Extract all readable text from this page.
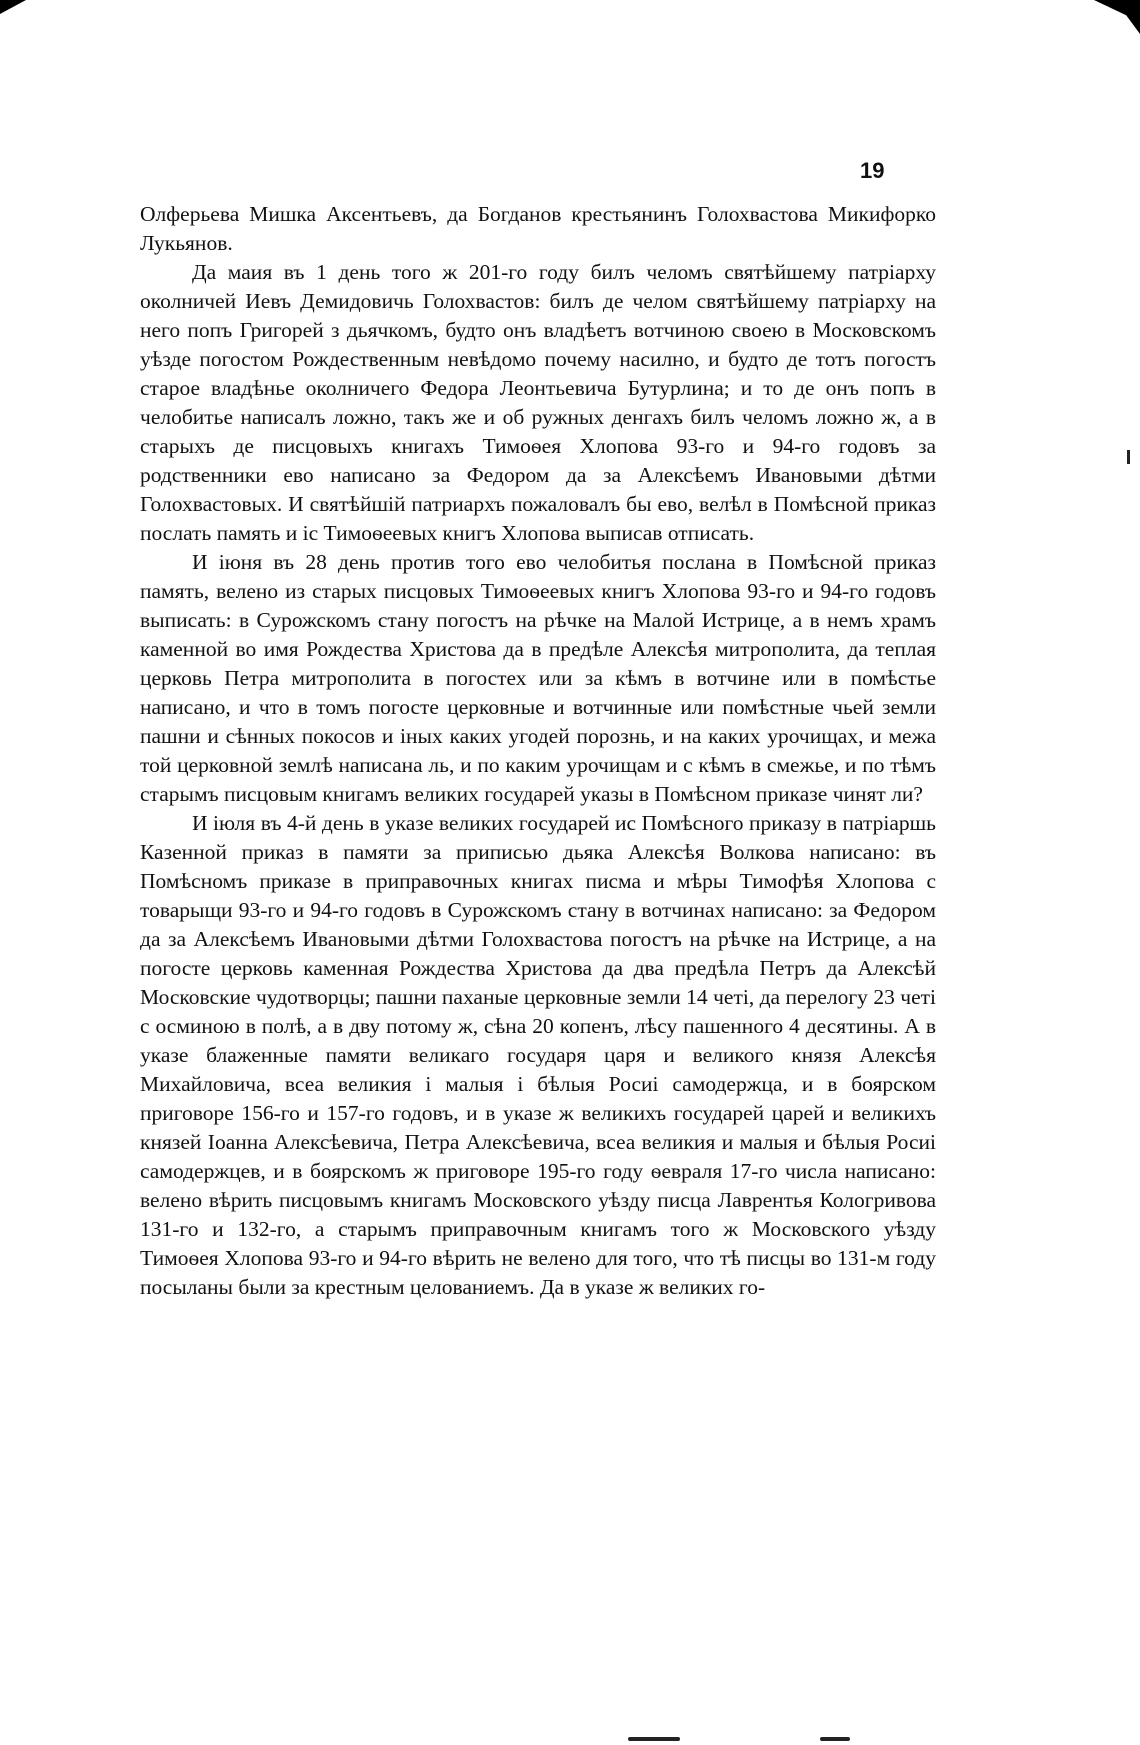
19

Олферьева Мишка Аксентьевъ, да Богданов крестьянинъ Голохвастова Микифорко Лукьянов.

Да маия въ 1 день того ж 201-го году билъ челомъ святѣйшему патріарху околничей Иевъ Демидовичь Голохвастов: билъ де челом святѣйшему патріарху на него попъ Григорей з дьячкомъ, будто онъ владѣетъ вотчиною своею в Московскомъ уѣзде погостом Рождественным невѣдомо почему насилно, и будто де тотъ погостъ старое владѣнье околничего Федора Леонтьевича Бутурлина; и то де онъ попъ в челобитье написалъ ложно, такъ же и об ружных денгахъ билъ челомъ ложно ж, а в старыхъ де писцовыхъ книгахъ Тимоѳея Хлопова 93-го и 94-го годовъ за родственники ево написано за Федором да за Алексѣемъ Ивановыми дѣтми Голохвастовых. И святѣйшій патриархъ пожаловалъ бы ево, велѣл в Помѣсной приказ послать память и іс Тимоѳеевых книгъ Хлопова выписав отписать.

И іюня въ 28 день против того ево челобитья послана в Помѣсной приказ память, велено из старых писцовых Тимоѳеевых книгъ Хлопова 93-го и 94-го годовъ выписать: в Сурожскомъ стану погостъ на рѣчке на Малой Истрице, а в немъ храмъ каменной во имя Рождества Христова да в предѣле Алексѣя митрополита, да теплая церковь Петра митрополита в погостех или за кѣмъ в вотчине или в помѣстье написано, и что в томъ погосте церковные и вотчинные или помѣстные чьей земли пашни и сѣнных покосов и іных каких угодей порознь, и на каких урочищах, и межа той церковной землѣ написана ль, и по каким урочищам и с кѣмъ в смежье, и по тѣмъ старымъ писцовым книгамъ великих государей указы в Помѣсном приказе чинят ли?

И іюля въ 4-й день в указе великих государей ис Помѣсного приказу в патріаршь Казенной приказ в памяти за приписью дьяка Алексѣя Волкова написано: въ Помѣсномъ приказе в приправочных книгах писма и мѣры Тимофѣя Хлопова с товарыщи 93-го и 94-го годовъ в Сурожскомъ стану в вотчинах написано: за Федором да за Алексѣемъ Ивановыми дѣтми Голохвастова погостъ на рѣчке на Истрице, а на погосте церковь каменная Рождества Христова да два предѣла Петръ да Алексѣй Московские чудотворцы; пашни паханые церковные земли 14 четі, да перелогу 23 четі с осминою в полѣ, а в дву потому ж, сѣна 20 копенъ, лѣсу пашенного 4 десятины. А в указе блаженные памяти великаго государя царя и великого князя Алексѣя Михайловича, всеа великия і малыя і бѣлыя Росиі самодержца, и в боярском приговоре 156-го и 157-го годовъ, и в указе ж великихъ государей царей и великихъ князей Іоанна Алексѣевича, Петра Алексѣевича, всеа великия и малыя и бѣлыя Росиі самодержцев, и в боярскомъ ж приговоре 195-го году ѳевраля 17-го числа написано: велено вѣрить писцовымъ книгамъ Московского уѣзду писца Лаврентья Кологривова 131-го и 132-го, а старымъ приправочным книгамъ того ж Московского уѣзду Тимоѳея Хлопова 93-го и 94-го вѣрить не велено для того, что тѣ писцы во 131-м году посыланы были за крестным целованиемъ. Да в указе ж великих го-
